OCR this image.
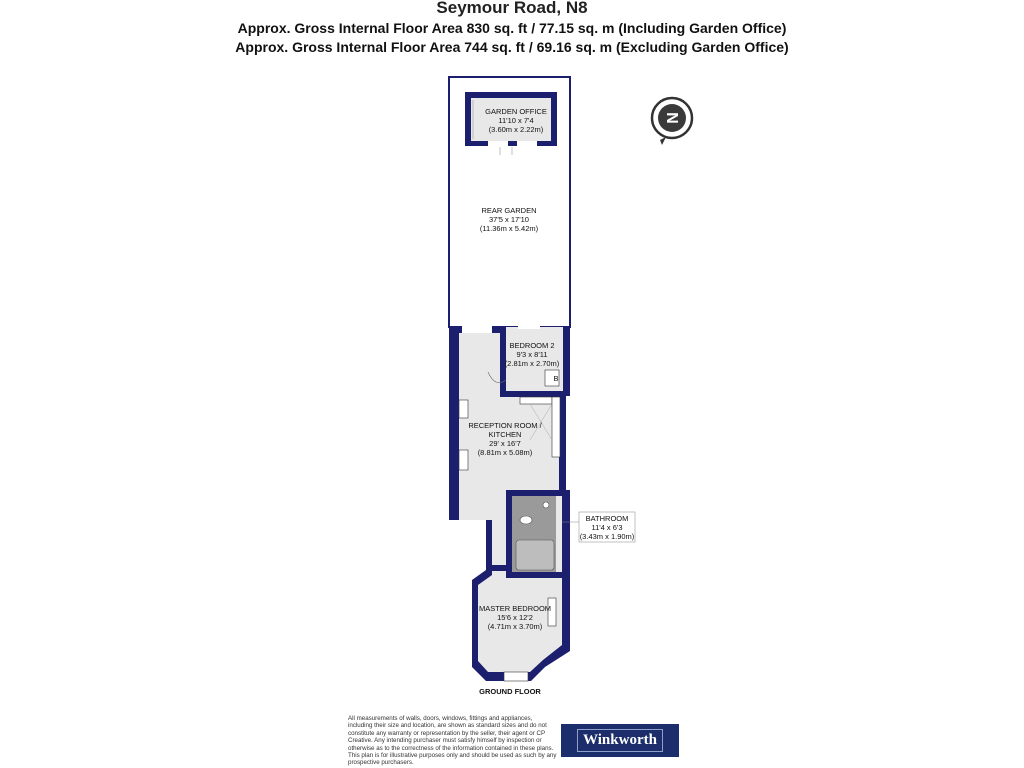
Seymour Road, N8
Approx. Gross Internal Floor Area 830 sq. ft / 77.15 sq. m (Including Garden Office)
Approx. Gross Internal Floor Area 744 sq. ft / 69.16 sq. m (Excluding Garden Office)
N
GARDEN OFFICE
11'10 x 7'4
(3.60m x 2.22m)
REAR GARDEN
37'5 x 17'10
(11.36m x 5.42m)
BEDROOM 2
9'3 x 8'11
(2.81m x 2.70m)
B
RECEPTION ROOM /
KITCHEN
29' x 16'7
(8.81m x 5.08m)
BATHROOM
11'4 x 6'3
(3.43m x 1.90m)
MASTER BEDROOM
15'6 x 12'2
(4.71m x 3.70m)
GROUND FLOOR
All measurements of walls, doors, windows, fittings and appliances, including their size and location, are shown as standard sizes and do not constitute any warranty or representation by the seller, their agent or CP Creative. Any intending purchaser must satisfy himself by inspection or otherwise as to the correctness of the information contained in these plans. This plan is for illustrative purposes only and should be used as such by any prospective purchasers.
Winkworth
